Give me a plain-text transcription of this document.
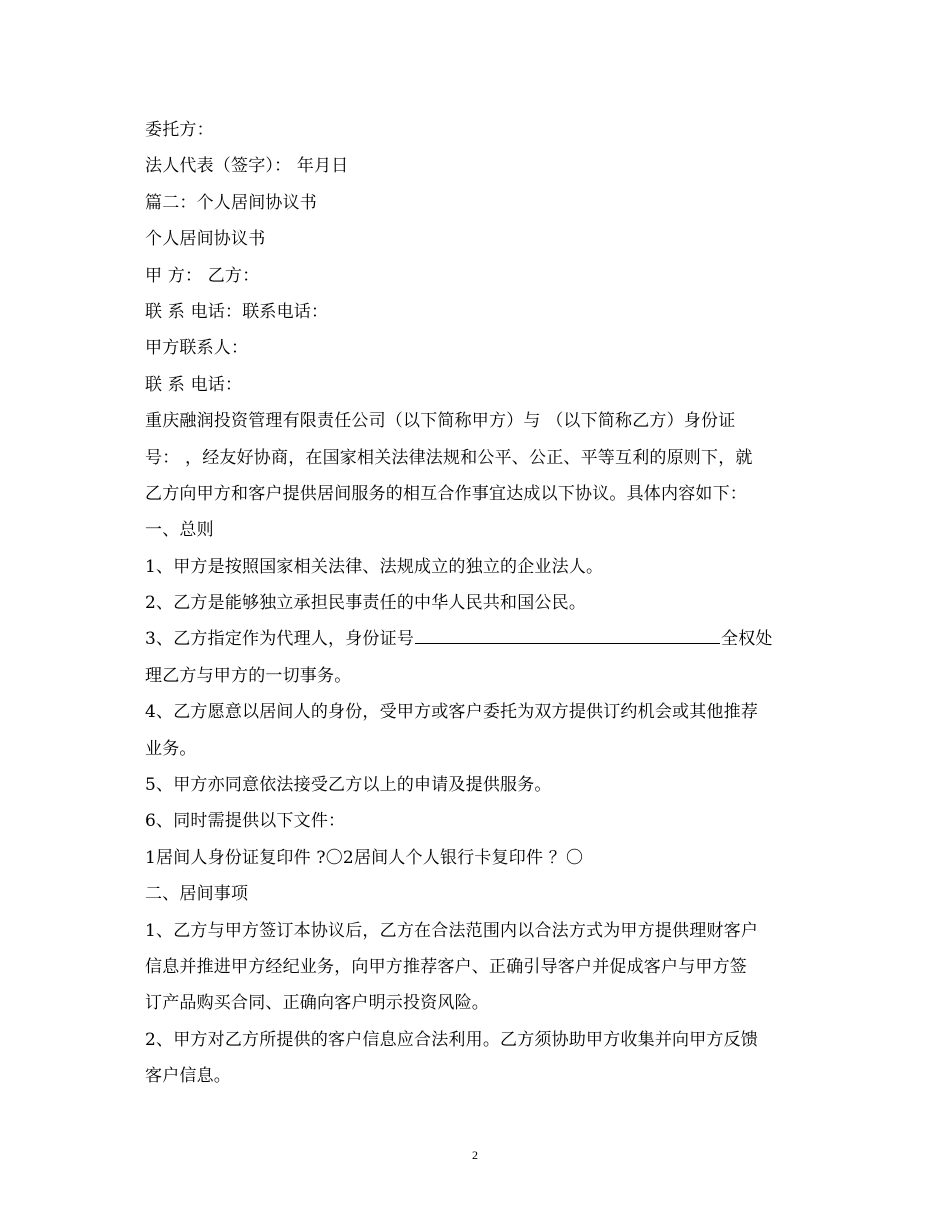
委托方：
法人代表（签字）： 年月日
篇二：个人居间协议书
个人居间协议书
甲 方： 乙方：
联 系 电话：联系电话：
甲方联系人：
联 系 电话：
重庆融润投资管理有限责任公司（以下简称甲方）与 （以下简称乙方）身份证
号： ，经友好协商，在国家相关法律法规和公平、公正、平等互利的原则下，就
乙方向甲方和客户提供居间服务的相互合作事宜达成以下协议。具体内容如下：
一、总则
1、甲方是按照国家相关法律、法规成立的独立的企业法人。
2、乙方是能够独立承担民事责任的中华人民共和国公民。
3、乙方指定作为代理人，身份证号	全权处
理乙方与甲方的一切事务。
4、乙方愿意以居间人的身份，受甲方或客户委托为双方提供订约机会或其他推荐
业务。
5、甲方亦同意依法接受乙方以上的申请及提供服务。
6、同时需提供以下文件：
1居间人身份证复印件 ?〇2居间人个人银行卡复印件 ？〇
二、居间事项
1、乙方与甲方签订本协议后，乙方在合法范围内以合法方式为甲方提供理财客户
信息并推进甲方经纪业务，向甲方推荐客户、正确引导客户并促成客户与甲方签
订产品购买合同、正确向客户明示投资风险。
2、甲方对乙方所提供的客户信息应合法利用。乙方须协助甲方收集并向甲方反馈
客户信息。
2
